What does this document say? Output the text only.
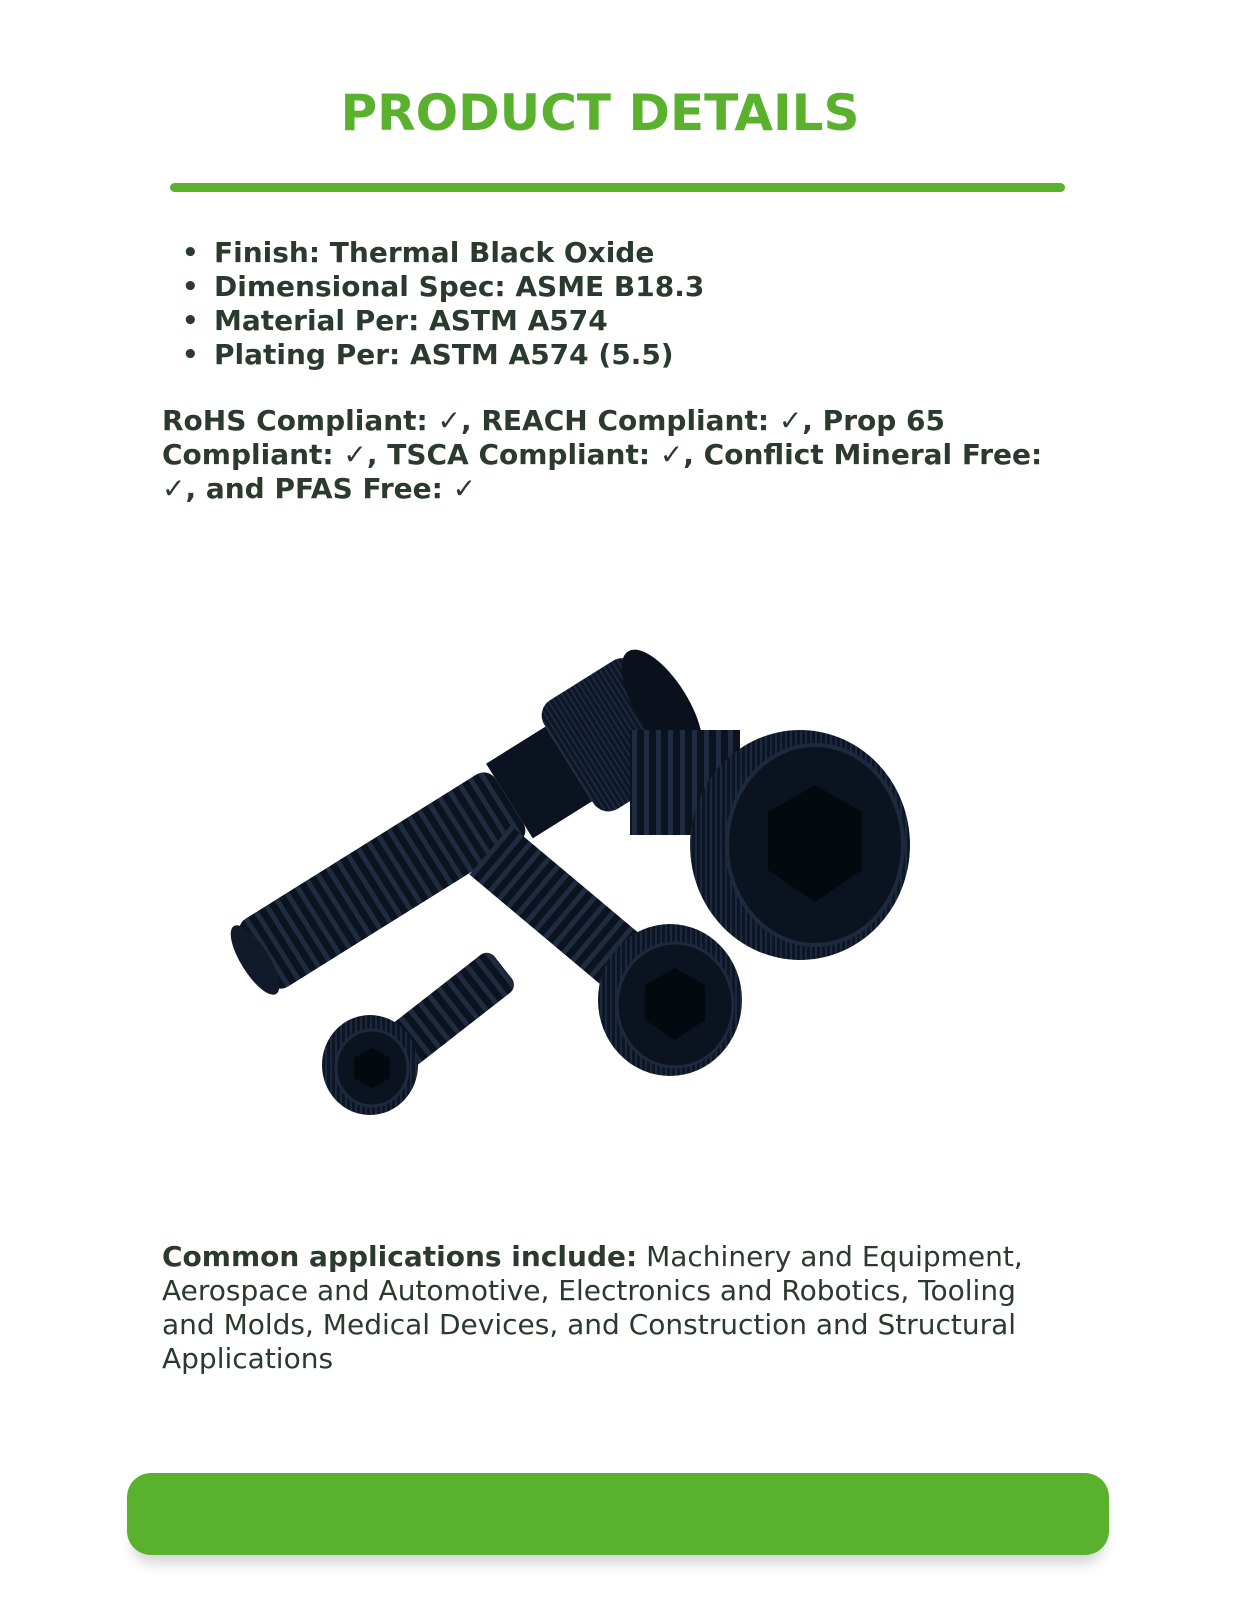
PRODUCT DETAILS
• Finish: Thermal Black Oxide
• Dimensional Spec: ASME B18.3
• Material Per: ASTM A574
• Plating Per: ASTM A574 (5.5)

RoHS Compliant: ✓, REACH Compliant: ✓, Prop 65 Compliant: ✓, TSCA Compliant: ✓, Conflict Mineral Free: ✓, and PFAS Free: ✓

Common applications include: Machinery and Equipment, Aerospace and Automotive, Electronics and Robotics, Tooling and Molds, Medical Devices, and Construction and Structural Applications
